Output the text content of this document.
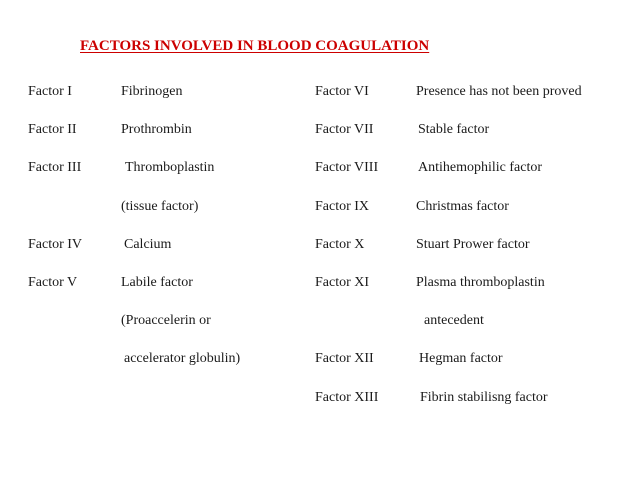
FACTORS INVOLVED IN BLOOD COAGULATION
Factor I	Fibrinogen
Factor II	Prothrombin
Factor III	Thromboplastin
(tissue factor)
Factor IV	Calcium
Factor V	Labile factor
(Proaccelerin or
accelerator globulin)
Factor VI	Presence has not been proved
Factor VII	Stable factor
Factor VIII	Antihemophilic factor
Factor IX	Christmas factor
Factor X	Stuart Prower factor
Factor XI	Plasma thromboplastin
antecedent
Factor XII	Hegman factor
Factor XIII	Fibrin stabilisng factor
